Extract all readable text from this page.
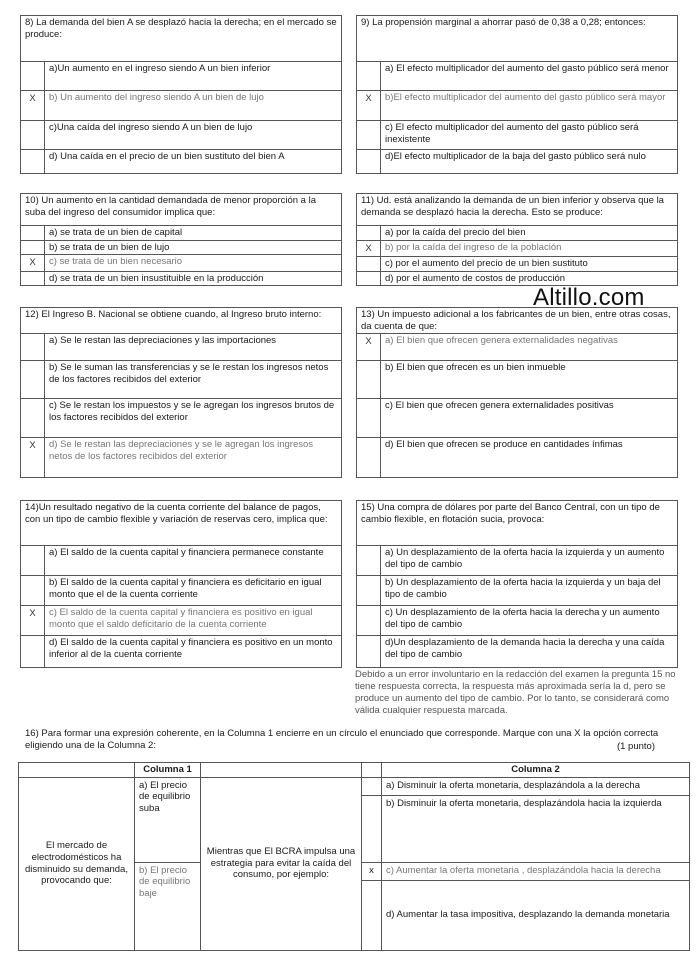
8) La demanda del bien A se desplazó hacia la derecha; en el mercado se produce:	
	a)Un aumento en el ingreso siendo A un bien inferior
X	b) Un aumento del ingreso siendo A un bien de lujo
	c)Una caída del ingreso siendo A un bien de lujo
	d) Una caída en el precio de un bien sustituto del bien A
9) La propensión marginal a ahorrar pasó de 0,38 a 0,28; entonces:	
	a) El efecto multiplicador del aumento del gasto público será menor
X	b)El efecto multiplicador del aumento del gasto público será mayor
	c) El efecto multiplicador del aumento del gasto público será inexistente
	d)El efecto multiplicador de la baja del gasto público será nulo
10) Un aumento en la cantidad demandada de menor proporción a la suba del ingreso del consumidor implica que:	
	a) se trata de un bien de capital
	b) se trata de un bien de lujo
X	c) se trata de un bien necesario
	d) se trata de un bien insustituible en la producción
11) Ud. está analizando la demanda de un bien inferior y observa que la demanda se desplazó hacia la derecha. Esto se produce:	
	a) por la caída del precio del bien
X	b) por la caída del ingreso de la población
	c) por el aumento del precio de un bien sustituto
	d) por el aumento de costos de producción
Altillo.com
12) El Ingreso B. Nacional se obtiene cuando, al Ingreso bruto interno:	
	a) Se le restan las depreciaciones y las importaciones
	b) Se le suman las transferencias y se le restan los ingresos netos de los factores recibidos del exterior
	c) Se le restan los impuestos y se le agregan los ingresos brutos de los factores recibidos del exterior
X	d) Se le restan las depreciaciones y se le agregan los ingresos netos de los factores recibidos del exterior
13) Un impuesto adicional a los fabricantes de un bien, entre otras cosas, da cuenta de que:	
X	a) El bien que ofrecen genera externalidades negativas
	b) El bien que ofrecen es un bien inmueble
	c) El bien que ofrecen genera externalidades positivas
	d) El bien que ofrecen se produce en cantidades ínfimas
14)Un resultado negativo de la cuenta corriente del balance de pagos, con un tipo de cambio flexible y variación de reservas cero, implica que:	
	a) El saldo de la cuenta capital y financiera permanece constante
	b) El saldo de la cuenta capital y financiera es deficitario en igual monto que el de la cuenta corriente
X	c) El saldo de la cuenta capital y financiera es positivo en igual monto que el saldo deficitario de la cuenta corriente
	d) El saldo de la cuenta capital y financiera es positivo en un monto inferior al de la cuenta corriente
15) Una compra de dólares por parte del Banco Central, con un tipo de cambio flexible, en flotación sucia, provoca:	
	a) Un desplazamiento de la oferta hacia la izquierda y un aumento del tipo de cambio
	b) Un desplazamiento de la oferta hacia la izquierda y un baja del tipo de cambio
	c) Un desplazamiento de la oferta hacia la derecha y un aumento del tipo de cambio
	d)Un desplazamiento de la demanda hacia la derecha y una caída del tipo de cambio
Debido a un error involuntario en la redacción del examen la pregunta 15 no tiene respuesta correcta, la respuesta más aproximada sería la d, pero se produce un aumento del tipo de cambio. Por lo tanto, se considerará como válida cualquier respuesta marcada.
16) Para formar una expresión coherente, en la Columna 1 encierre en un círculo el enunciado que corresponde. Marque con una X la opción correcta eligiendo una de la Columna 2:	(1 punto)
	Columna 1			Columna 2
El mercado de electrodomésticos ha disminuido su demanda, provocando que:	a) El precio de equilibrio suba	Mientras que El BCRA impulsa una estrategia para evitar la caída del consumo, por ejemplo:		a) Disminuir la oferta monetaria, desplazándola a la derecha
				b) Disminuir la oferta monetaria, desplazándola hacia la izquierda
	b) El precio de equilibrio baje		x	c) Aumentar la oferta monetaria , desplazándola hacia la derecha
				d) Aumentar la tasa impositiva, desplazando la demanda monetaria
